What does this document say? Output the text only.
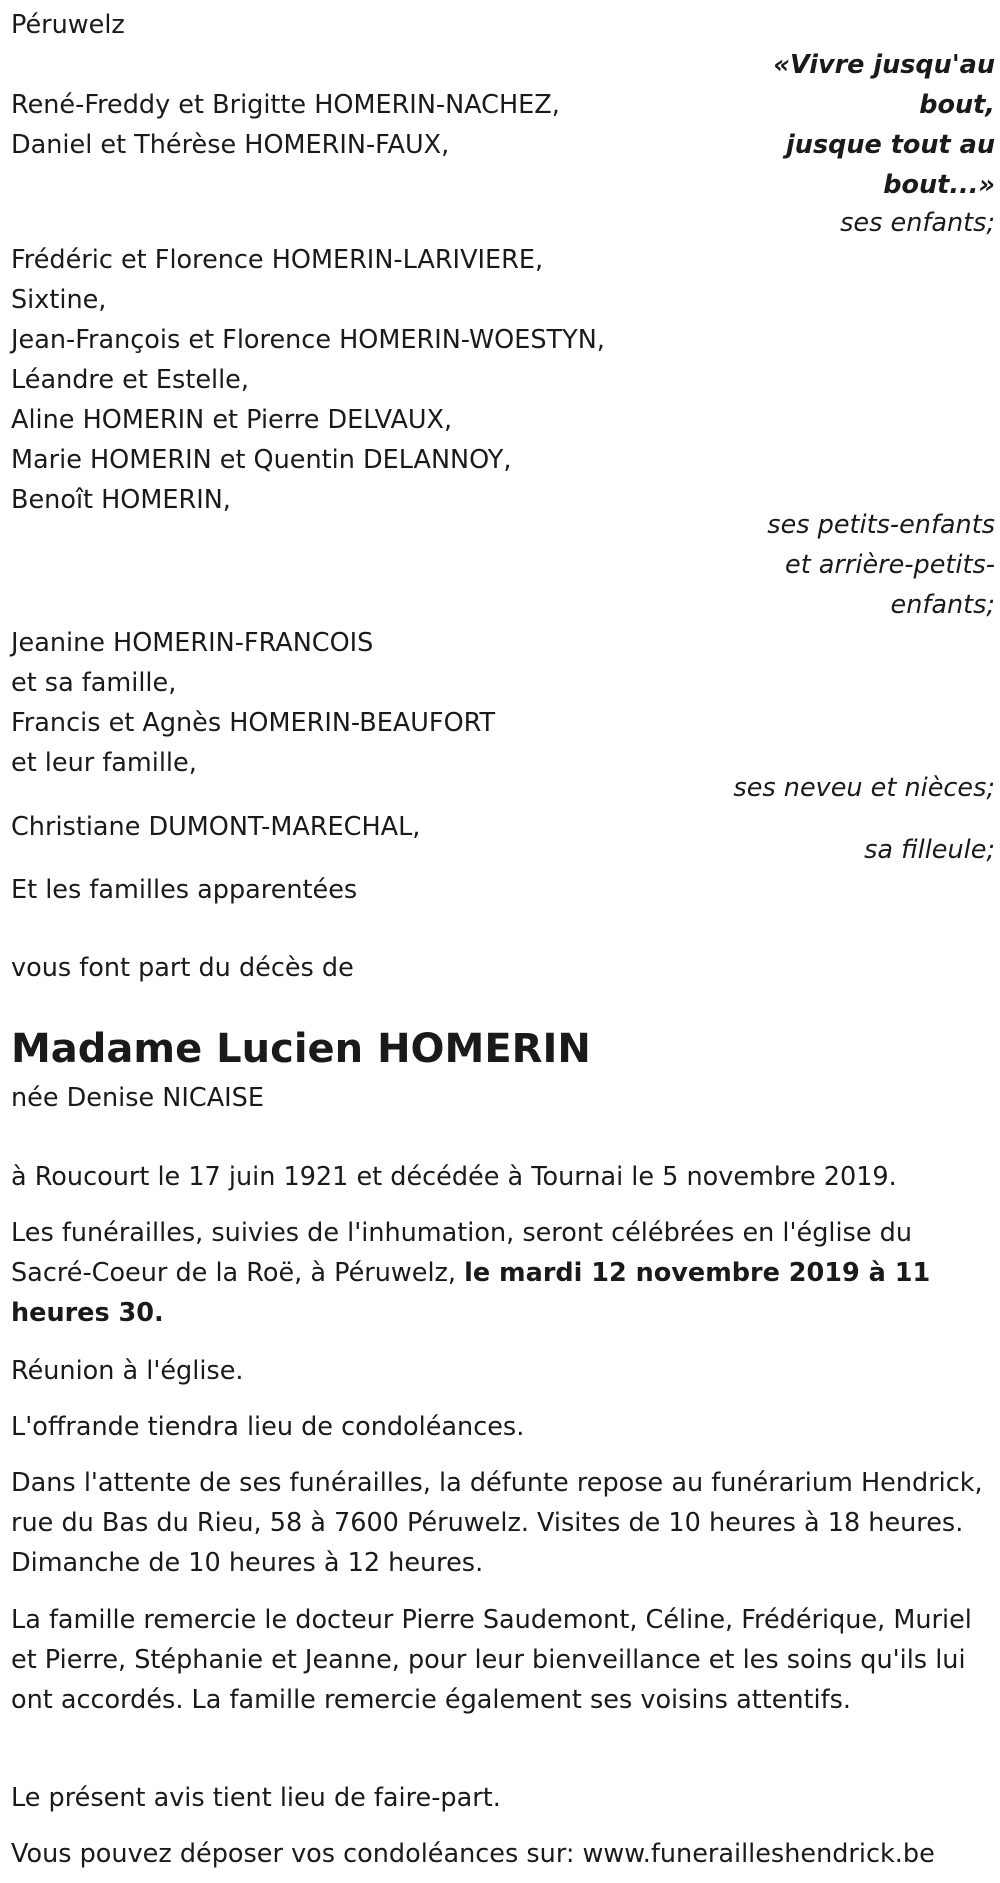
Péruwelz
«Vivre jusqu'au
bout,
jusque tout au
bout...»
René-Freddy et Brigitte HOMERIN-NACHEZ,
Daniel et Thérèse HOMERIN-FAUX,
ses enfants;
Frédéric et Florence HOMERIN-LARIVIERE,
Sixtine,
Jean-François et Florence HOMERIN-WOESTYN,
Léandre et Estelle,
Aline HOMERIN et Pierre DELVAUX,
Marie HOMERIN et Quentin DELANNOY,
Benoît HOMERIN,
ses petits-enfants
et arrière-petits-
enfants;
Jeanine HOMERIN-FRANCOIS
et sa famille,
Francis et Agnès HOMERIN-BEAUFORT
et leur famille,
ses neveu et nièces;
Christiane DUMONT-MARECHAL,
sa filleule;
Et les familles apparentées
vous font part du décès de
Madame Lucien HOMERIN
née Denise NICAISE
à Roucourt le 17 juin 1921 et décédée à Tournai le 5 novembre 2019.
Les funérailles, suivies de l'inhumation, seront célébrées en l'église du Sacré-Coeur de la Roë, à Péruwelz, le mardi 12 novembre 2019 à 11 heures 30.
Réunion à l'église.
L'offrande tiendra lieu de condoléances.
Dans l'attente de ses funérailles, la défunte repose au funérarium Hendrick, rue du Bas du Rieu, 58 à 7600 Péruwelz. Visites de 10 heures à 18 heures. Dimanche de 10 heures à 12 heures.
La famille remercie le docteur Pierre Saudemont, Céline, Frédérique, Muriel et Pierre, Stéphanie et Jeanne, pour leur bienveillance et les soins qu'ils lui ont accordés. La famille remercie également ses voisins attentifs.
Le présent avis tient lieu de faire-part.
Vous pouvez déposer vos condoléances sur: www.funerailleshendrick.be
